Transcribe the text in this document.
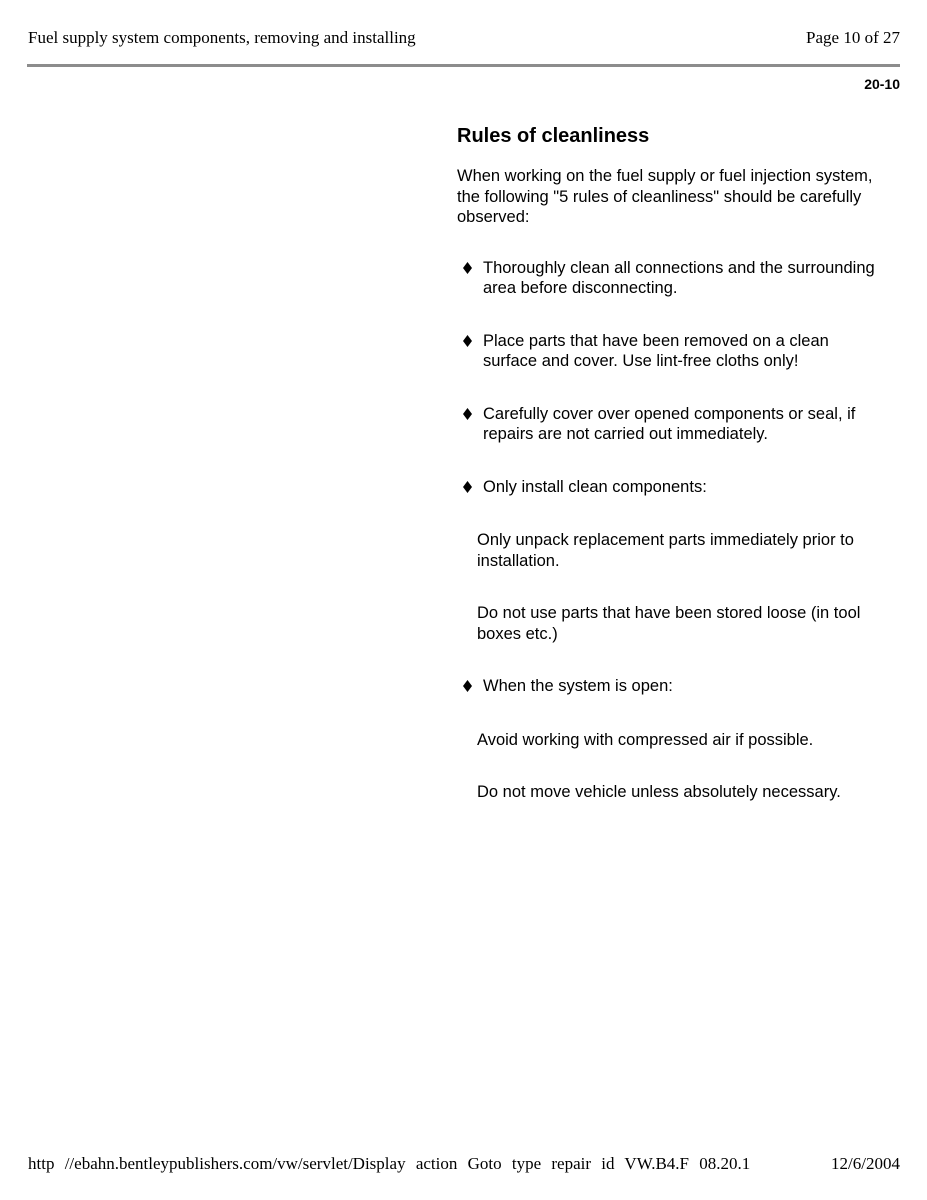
Fuel supply system components, removing and installing	Page 10 of 27
20-10
Rules of cleanliness

When working on the fuel supply or fuel injection system, the following "5 rules of cleanliness" should be carefully observed:

Thoroughly clean all connections and the surrounding area before disconnecting.
Place parts that have been removed on a clean surface and cover. Use lint-free cloths only!
Carefully cover over opened components or seal, if repairs are not carried out immediately.
Only install clean components:

Only unpack replacement parts immediately prior to installation.

Do not use parts that have been stored loose (in tool boxes etc.)

When the system is open:

Avoid working with compressed air if possible.

Do not move vehicle unless absolutely necessary.

http //ebahn.bentleypublishers.com/vw/servlet/Display action Goto type repair id VW.B4.F 08.20.1	12/6/2004
